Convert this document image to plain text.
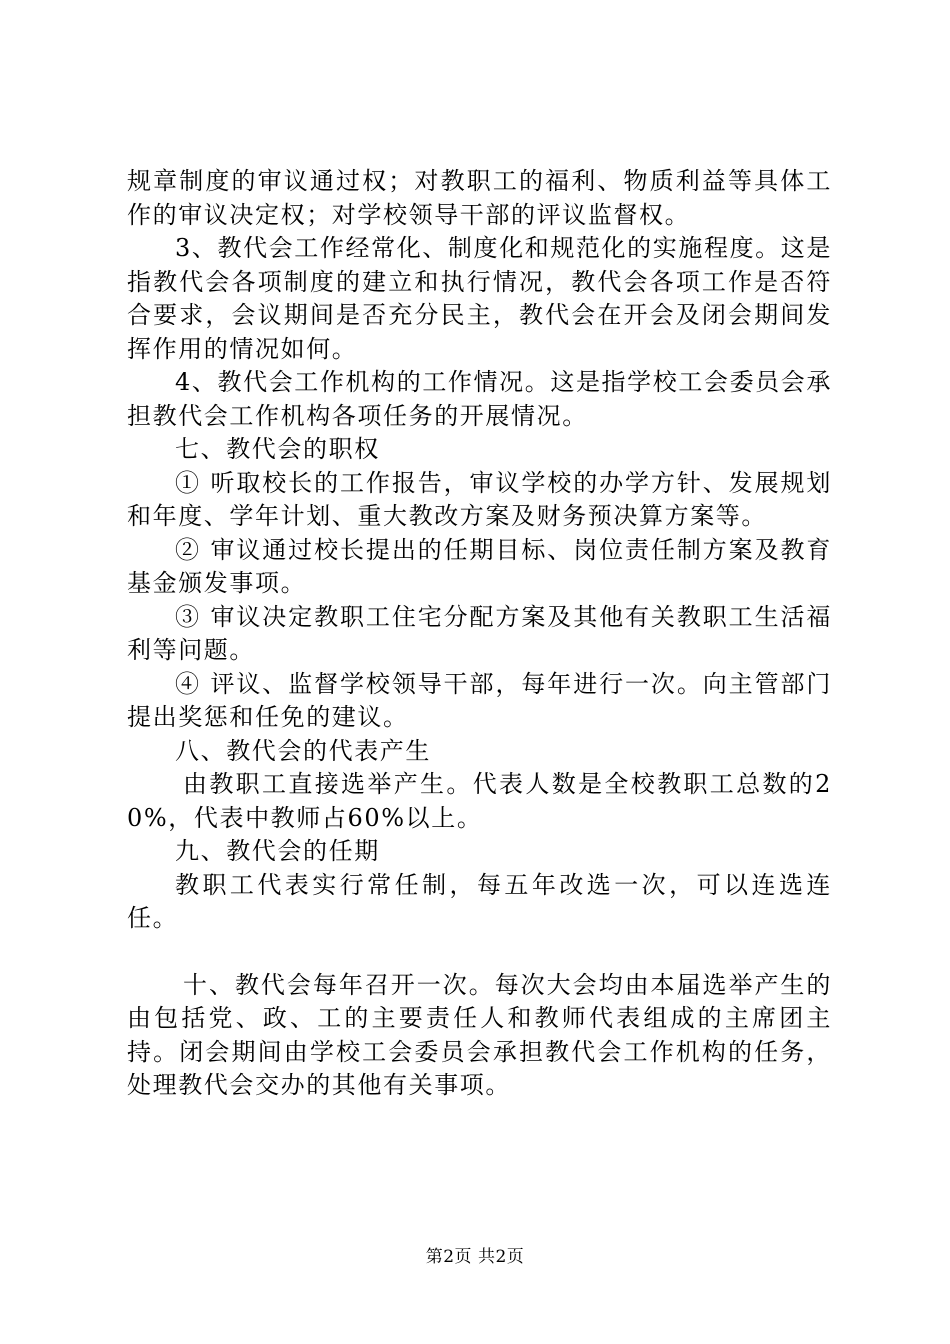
规章制度的审议通过权；对教职工的福利、物质利益等具体工作的审议决定权；对学校领导干部的评议监督权。

3、教代会工作经常化、制度化和规范化的实施程度。这是指教代会各项制度的建立和执行情况，教代会各项工作是否符合要求，会议期间是否充分民主，教代会在开会及闭会期间发挥作用的情况如何。

4、教代会工作机构的工作情况。这是指学校工会委员会承担教代会工作机构各项任务的开展情况。

七、教代会的职权

① 听取校长的工作报告，审议学校的办学方针、发展规划和年度、学年计划、重大教改方案及财务预决算方案等。

② 审议通过校长提出的任期目标、岗位责任制方案及教育基金颁发事项。

③ 审议决定教职工住宅分配方案及其他有关教职工生活福利等问题。

④ 评议、监督学校领导干部，每年进行一次。向主管部门提出奖惩和任免的建议。

八、教代会的代表产生

由教职工直接选举产生。代表人数是全校教职工总数的20%，代表中教师占60%以上。

九、教代会的任期

教职工代表实行常任制，每五年改选一次，可以连选连任。

十、教代会每年召开一次。每次大会均由本届选举产生的由包括党、政、工的主要责任人和教师代表组成的主席团主持。闭会期间由学校工会委员会承担教代会工作机构的任务，处理教代会交办的其他有关事项。

第2页 共2页
